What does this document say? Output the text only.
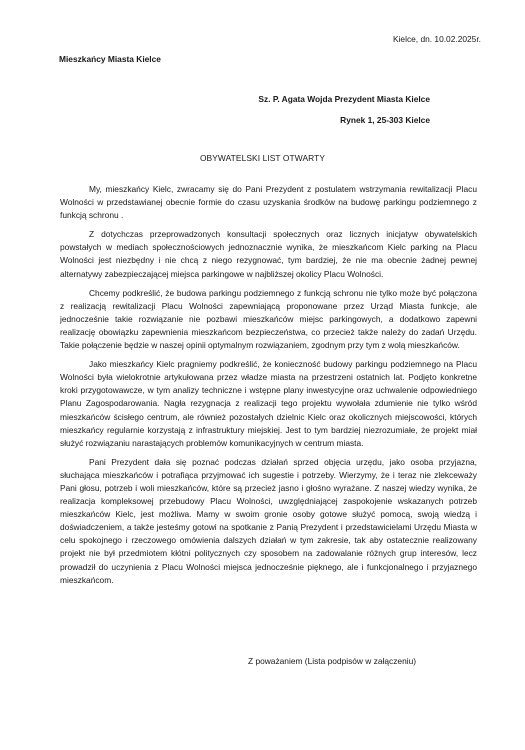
Kielce, dn. 10.02.2025r.
Mieszkańcy Miasta Kielce
Sz. P. Agata Wojda Prezydent Miasta Kielce
Rynek 1, 25-303 Kielce
OBYWATELSKI LIST OTWARTY

My, mieszkańcy Kielc, zwracamy się do Pani Prezydent z postulatem wstrzymania rewitalizacji Placu Wolności w przedstawianej obecnie formie do czasu uzyskania środków na budowę parkingu podziemnego z funkcją schronu .

Z dotychczas przeprowadzonych konsultacji społecznych oraz licznych inicjatyw obywatelskich powstałych w mediach społecznościowych jednoznacznie wynika, że mieszkańcom Kielc parking na Placu Wolności jest niezbędny i nie chcą z niego rezygnować, tym bardziej, że nie ma obecnie żadnej pewnej alternatywy zabezpieczającej miejsca parkingowe w najbliższej okolicy Placu Wolności.

Chcemy podkreślić, że budowa parkingu podziemnego z funkcją schronu nie tylko może być połączona z realizacją rewitalizacji Placu Wolności zapewniającą proponowane przez Urząd Miasta funkcje, ale jednocześnie takie rozwiązanie nie pozbawi mieszkańców miejsc parkingowych, a dodatkowo zapewni realizację obowiązku zapewnienia mieszkańcom bezpieczeństwa, co przecież także należy do zadań Urzędu. Takie połączenie będzie w naszej opinii optymalnym rozwiązaniem, zgodnym przy tym z wolą mieszkańców.

Jako mieszkańcy Kielc pragniemy podkreślić, że konieczność budowy parkingu podziemnego na Placu Wolności była wielokrotnie artykułowana przez władze miasta na przestrzeni ostatnich lat. Podjęto konkretne kroki przygotowawcze, w tym analizy techniczne i wstępne plany inwestycyjne oraz uchwalenie odpowiedniego Planu Zagospodarowania. Nagła rezygnacja z realizacji tego projektu wywołała zdumienie nie tylko wśród mieszkańców ścisłego centrum, ale również pozostałych dzielnic Kielc oraz okolicznych miejscowości, których mieszkańcy regularnie korzystają z infrastruktury miejskiej. Jest to tym bardziej niezrozumiałe, że projekt miał służyć rozwiązaniu narastających problemów komunikacyjnych w centrum miasta.

Pani Prezydent dała się poznać podczas działań sprzed objęcia urzędu, jako osoba przyjazna, słuchająca mieszkańców i potrafiąca przyjmować ich sugestie i potrzeby. Wierzymy, że i teraz nie zlekceważy Pani głosu, potrzeb i woli mieszkańców, które są przecież jasno i głośno wyrażane. Z naszej wiedzy wynika, że realizacja kompleksowej przebudowy Placu Wolności, uwzględniającej zaspokojenie wskazanych potrzeb mieszkańców Kielc, jest możliwa. Mamy w swoim gronie osoby gotowe służyć pomocą, swoją wiedzą i doświadczeniem, a także jesteśmy gotowi na spotkanie z Panią Prezydent i przedstawicielami Urzędu Miasta w celu spokojnego i rzeczowego omówienia dalszych działań w tym zakresie, tak aby ostatecznie realizowany projekt nie był przedmiotem kłótni politycznych czy sposobem na zadowalanie różnych grup interesów, lecz prowadził do uczynienia z Placu Wolności miejsca jednocześnie pięknego, ale i funkcjonalnego i przyjaznego mieszkańcom.

Z poważaniem (Lista podpisów w załączeniu)
